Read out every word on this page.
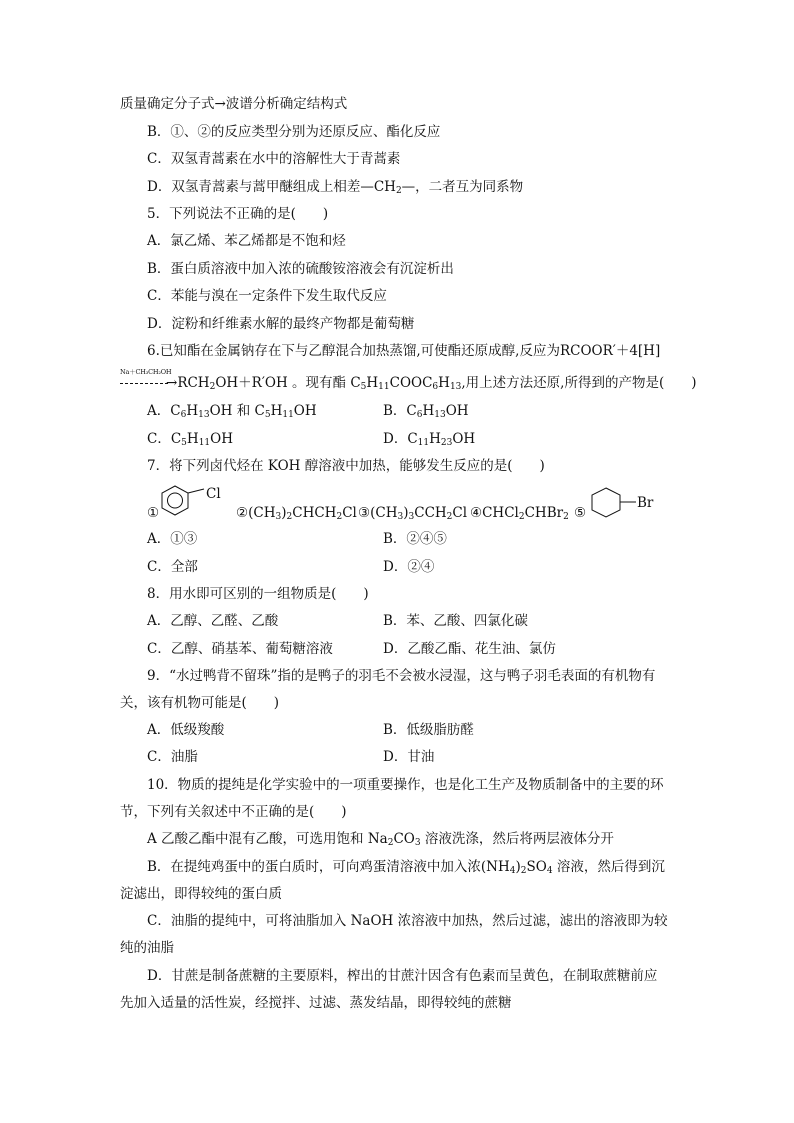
质量确定分子式→波谱分析确定结构式
B．①、②的反应类型分别为还原反应、酯化反应
C．双氢青蒿素在水中的溶解性大于青蒿素
D．双氢青蒿素与蒿甲醚组成上相差$—CH_2—$，二者互为同系物
5．下列说法不正确的是(　　)
A．氯乙烯、苯乙烯都是不饱和烃
B．蛋白质溶液中加入浓的硫酸铵溶液会有沉淀析出
C．苯能与溴在一定条件下发生取代反应
D．淀粉和纤维素水解的最终产物都是葡萄糖
6.已知酯在金属钠存在下与乙醇混合加热蒸馏,可使酯还原成醇,反应为RCOOR′＋4[H]
Na＋CH₃CH₂OH
$\to RCH_2OH+R'OH$ 。现有酯 $C_5H_{11}COOC_6H_{13}$,用上述方法还原,所得到的产物是(　　)
A．$C_6H_{13}OH$ 和 $C_5H_{11}OH$	B．$C_6H_{13}OH$
C．$C_5H_{11}OH$	D．$C_{11}H_{23}OH$
7．将下列卤代烃在 KOH 醇溶液中加热，能够发生反应的是(　　)
①
Cl
$②(CH_3)_2CHCH_2Cl$ $③(CH_3)_3CCH_2Cl$ ④CHCl$_2$CHBr$_2$ ⑤
Br
A．①③	B．②④⑤
C．全部	D．②④
8．用水即可区别的一组物质是(　　)
A．乙醇、乙醛、乙酸	B．苯、乙酸、四氯化碳
C．乙醇、硝基苯、葡萄糖溶液	D．乙酸乙酯、花生油、氯仿
9．“水过鸭背不留珠”指的是鸭子的羽毛不会被水浸湿，这与鸭子羽毛表面的有机物有
关，该有机物可能是(　　)
A．低级羧酸	B．低级脂肪醛
C．油脂	D．甘油
10．物质的提纯是化学实验中的一项重要操作，也是化工生产及物质制备中的主要的环
节，下列有关叙述中不正确的是(　　)
A 乙酸乙酯中混有乙酸，可选用饱和 $Na_2CO_3$ 溶液洗涤，然后将两层液体分开
B．在提纯鸡蛋中的蛋白质时，可向鸡蛋清溶液中加入浓$(NH_4)_2SO_4$ 溶液，然后得到沉
淀滤出，即得较纯的蛋白质
C．油脂的提纯中，可将油脂加入 NaOH 浓溶液中加热，然后过滤，滤出的溶液即为较
纯的油脂
D．甘蔗是制备蔗糖的主要原料，榨出的甘蔗汁因含有色素而呈黄色，在制取蔗糖前应
先加入适量的活性炭，经搅拌、过滤、蒸发结晶，即得较纯的蔗糖
